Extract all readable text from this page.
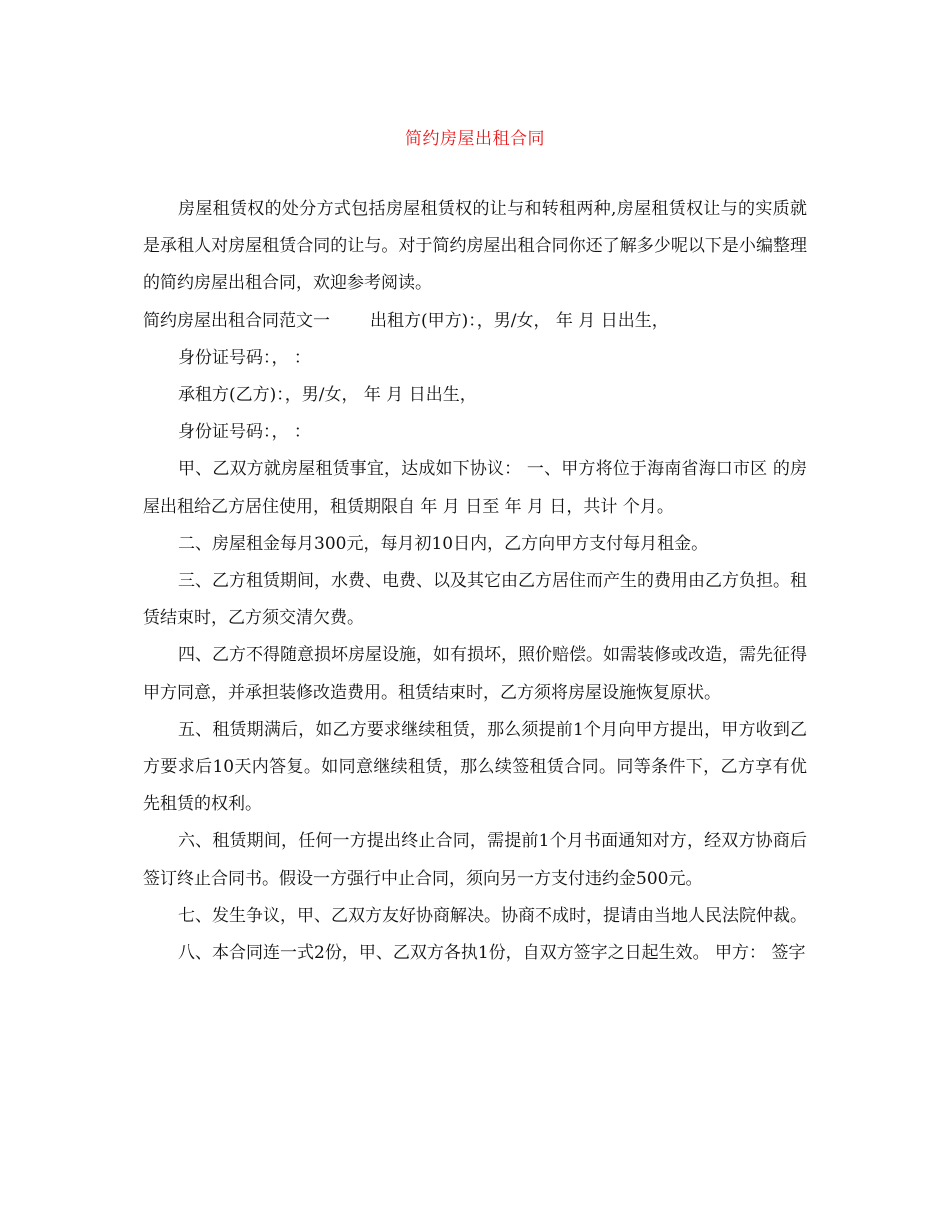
简约房屋出租合同

房屋租赁权的处分方式包括房屋租赁权的让与和转租两种,房屋租赁权让与的实质就是承租人对房屋租赁合同的让与。对于简约房屋出租合同你还了解多少呢以下是小编整理的简约房屋出租合同，欢迎参考阅读。

简约房屋出租合同范文一 出租方(甲方)：，男/女， 年 月 日出生，

身份证号码：， ：

承租方(乙方)：，男/女， 年 月 日出生，

身份证号码：， ：

甲、乙双方就房屋租赁事宜，达成如下协议： 一、甲方将位于海南省海口市区 的房屋出租给乙方居住使用，租赁期限自 年 月 日至 年 月 日，共计 个月。

二、房屋租金每月300元，每月初10日内，乙方向甲方支付每月租金。

三、乙方租赁期间，水费、电费、以及其它由乙方居住而产生的费用由乙方负担。租赁结束时，乙方须交清欠费。

四、乙方不得随意损坏房屋设施，如有损坏，照价赔偿。如需装修或改造，需先征得甲方同意，并承担装修改造费用。租赁结束时，乙方须将房屋设施恢复原状。

五、租赁期满后，如乙方要求继续租赁，那么须提前1个月向甲方提出，甲方收到乙方要求后10天内答复。如同意继续租赁，那么续签租赁合同。同等条件下，乙方享有优先租赁的权利。

六、租赁期间，任何一方提出终止合同，需提前1个月书面通知对方，经双方协商后签订终止合同书。假设一方强行中止合同，须向另一方支付违约金500元。

七、发生争议，甲、乙双方友好协商解决。协商不成时，提请由当地人民法院仲裁。

八、本合同连一式2份，甲、乙双方各执1份，自双方签字之日起生效。 甲方： 签字
